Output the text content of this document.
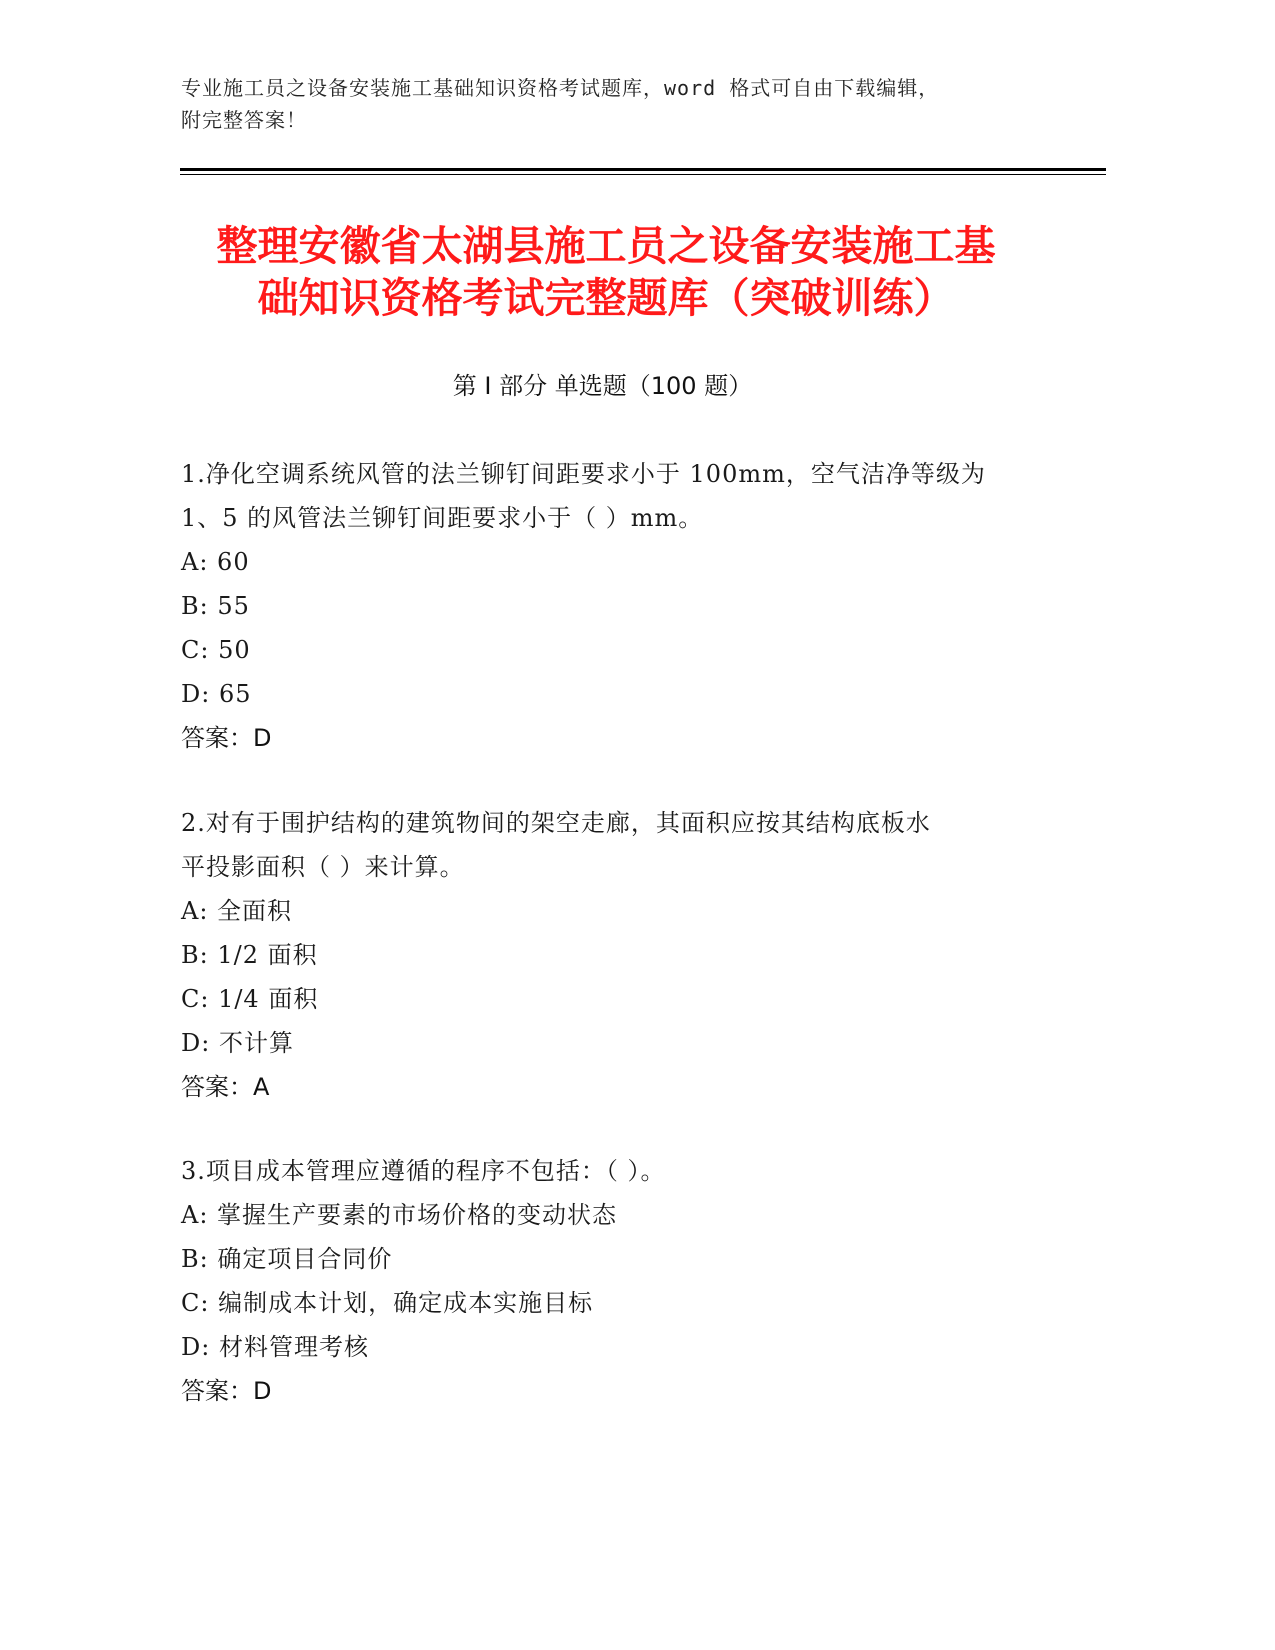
专业施工员之设备安装施工基础知识资格考试题库，word 格式可自由下载编辑，
附完整答案！
整理安徽省太湖县施工员之设备安装施工基
础知识资格考试完整题库（突破训练）
第 I 部分 单选题（100 题）
1.净化空调系统风管的法兰铆钉间距要求小于 100mm，空气洁净等级为
1、5 的风管法兰铆钉间距要求小于（ ）mm。
A: 60
B: 55
C: 50
D: 65
答案：D
2.对有于围护结构的建筑物间的架空走廊，其面积应按其结构底板水
平投影面积（ ）来计算。
A: 全面积
B: 1/2 面积
C: 1/4 面积
D: 不计算
答案：A
3.项目成本管理应遵循的程序不包括：（ ）。
A: 掌握生产要素的市场价格的变动状态
B: 确定项目合同价
C: 编制成本计划，确定成本实施目标
D: 材料管理考核
答案：D
